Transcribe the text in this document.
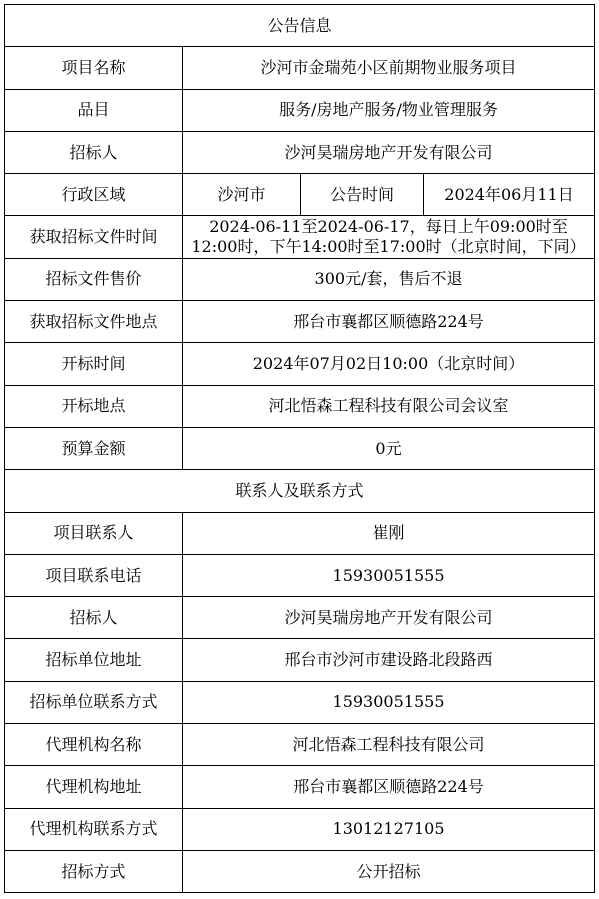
公告信息			
项目名称	沙河市金瑞苑小区前期物业服务项目		
品目	服务/房地产服务/物业管理服务		
招标人	沙河昊瑞房地产开发有限公司		
行政区域	沙河市	公告时间	2024年06月11日
获取招标文件时间	2024-06-11至2024-06-17，每日上午09:00时至12:00时，下午14:00时至17:00时（北京时间，下同）		
招标文件售价	300元/套，售后不退		
获取招标文件地点	邢台市襄都区顺德路224号		
开标时间	2024年07月02日10:00（北京时间）		
开标地点	河北悟森工程科技有限公司会议室		
预算金额	0元		
联系人及联系方式			
项目联系人	崔刚		
项目联系电话	15930051555		
招标人	沙河昊瑞房地产开发有限公司		
招标单位地址	邢台市沙河市建设路北段路西		
招标单位联系方式	15930051555		
代理机构名称	河北悟森工程科技有限公司		
代理机构地址	邢台市襄都区顺德路224号		
代理机构联系方式	13012127105		
招标方式	公开招标		
